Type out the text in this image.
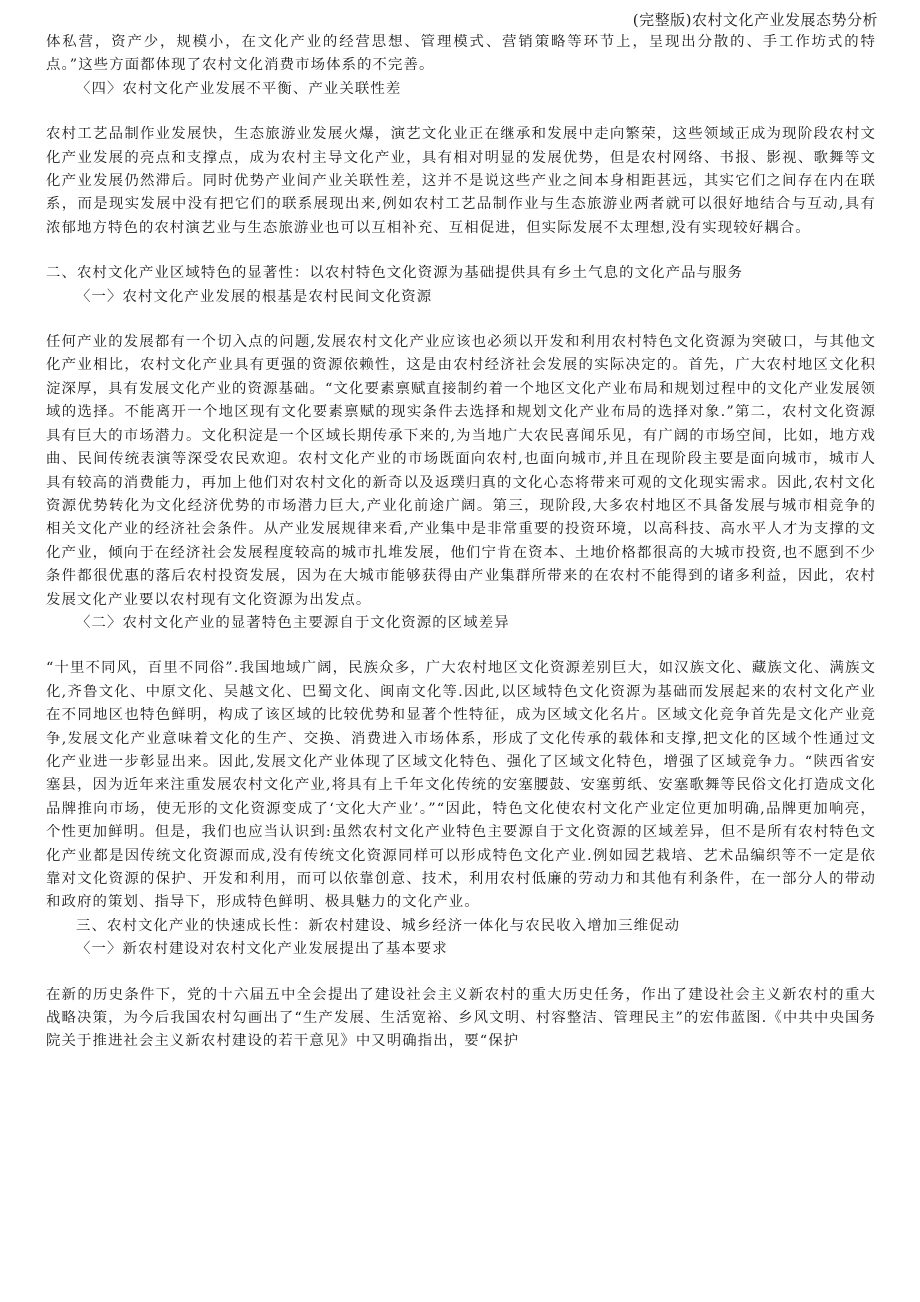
(完整版)农村文化产业发展态势分析

体私营，资产少，规模小，在文化产业的经营思想、管理模式、营销策略等环节上，呈现出分散的、手工作坊式的特点。”这些方面都体现了农村文化消费市场体系的不完善。

〈四〉农村文化产业发展不平衡、产业关联性差

农村工艺品制作业发展快，生态旅游业发展火爆，演艺文化业正在继承和发展中走向繁荣，这些领域正成为现阶段农村文化产业发展的亮点和支撑点，成为农村主导文化产业，具有相对明显的发展优势，但是农村网络、书报、影视、歌舞等文化产业发展仍然滞后。同时优势产业间产业关联性差，这并不是说这些产业之间本身相距甚远，其实它们之间存在内在联系，而是现实发展中没有把它们的联系展现出来,例如农村工艺品制作业与生态旅游业两者就可以很好地结合与互动,具有浓郁地方特色的农村演艺业与生态旅游业也可以互相补充、互相促进，但实际发展不太理想,没有实现较好耦合。

二、农村文化产业区域特色的显著性：以农村特色文化资源为基础提供具有乡土气息的文化产品与服务

〈一〉农村文化产业发展的根基是农村民间文化资源

任何产业的发展都有一个切入点的问题,发展农村文化产业应该也必须以开发和利用农村特色文化资源为突破口，与其他文化产业相比，农村文化产业具有更强的资源依赖性，这是由农村经济社会发展的实际决定的。首先，广大农村地区文化积淀深厚，具有发展文化产业的资源基础。“文化要素禀赋直接制约着一个地区文化产业布局和规划过程中的文化产业发展领域的选择。不能离开一个地区现有文化要素禀赋的现实条件去选择和规划文化产业布局的选择对象.”第二，农村文化资源具有巨大的市场潜力。文化积淀是一个区域长期传承下来的,为当地广大农民喜闻乐见，有广阔的市场空间，比如，地方戏曲、民间传统表演等深受农民欢迎。农村文化产业的市场既面向农村,也面向城市,并且在现阶段主要是面向城市，城市人具有较高的消费能力，再加上他们对农村文化的新奇以及返璞归真的文化心态将带来可观的文化现实需求。因此,农村文化资源优势转化为文化经济优势的市场潜力巨大,产业化前途广阔。第三，现阶段,大多农村地区不具备发展与城市相竞争的相关文化产业的经济社会条件。从产业发展规律来看,产业集中是非常重要的投资环境，以高科技、高水平人才为支撑的文化产业，倾向于在经济社会发展程度较高的城市扎堆发展，他们宁肯在资本、土地价格都很高的大城市投资,也不愿到不少条件都很优惠的落后农村投资发展，因为在大城市能够获得由产业集群所带来的在农村不能得到的诸多利益，因此，农村发展文化产业要以农村现有文化资源为出发点。

〈二〉农村文化产业的显著特色主要源自于文化资源的区域差异

“十里不同风，百里不同俗”.我国地域广阔，民族众多，广大农村地区文化资源差别巨大，如汉族文化、藏族文化、满族文化,齐鲁文化、中原文化、吴越文化、巴蜀文化、闽南文化等.因此,以区域特色文化资源为基础而发展起来的农村文化产业在不同地区也特色鲜明，构成了该区域的比较优势和显著个性特征，成为区域文化名片。区域文化竞争首先是文化产业竞争,发展文化产业意味着文化的生产、交换、消费进入市场体系，形成了文化传承的载体和支撑,把文化的区域个性通过文化产业进一步彰显出来。因此,发展文化产业体现了区域文化特色、强化了区域文化特色，增强了区域竞争力。“陕西省安塞县，因为近年来注重发展农村文化产业,将具有上千年文化传统的安塞腰鼓、安塞剪纸、安塞歌舞等民俗文化打造成文化品牌推向市场，使无形的文化资源变成了‘文化大产业’。”“因此，特色文化使农村文化产业定位更加明确,品牌更加响亮，个性更加鲜明。但是，我们也应当认识到:虽然农村文化产业特色主要源自于文化资源的区域差异，但不是所有农村特色文化产业都是因传统文化资源而成,没有传统文化资源同样可以形成特色文化产业.例如园艺栽培、艺术品编织等不一定是依靠对文化资源的保护、开发和利用，而可以依靠创意、技术，利用农村低廉的劳动力和其他有利条件，在一部分人的带动和政府的策划、指导下，形成特色鲜明、极具魅力的文化产业。

三、农村文化产业的快速成长性：新农村建设、城乡经济一体化与农民收入增加三维促动

〈一〉新农村建设对农村文化产业发展提出了基本要求

在新的历史条件下，党的十六届五中全会提出了建设社会主义新农村的重大历史任务，作出了建设社会主义新农村的重大战略决策，为今后我国农村勾画出了“生产发展、生活宽裕、乡风文明、村容整洁、管理民主”的宏伟蓝图.《中共中央国务院关于推进社会主义新农村建设的若干意见》中又明确指出，要“保护
